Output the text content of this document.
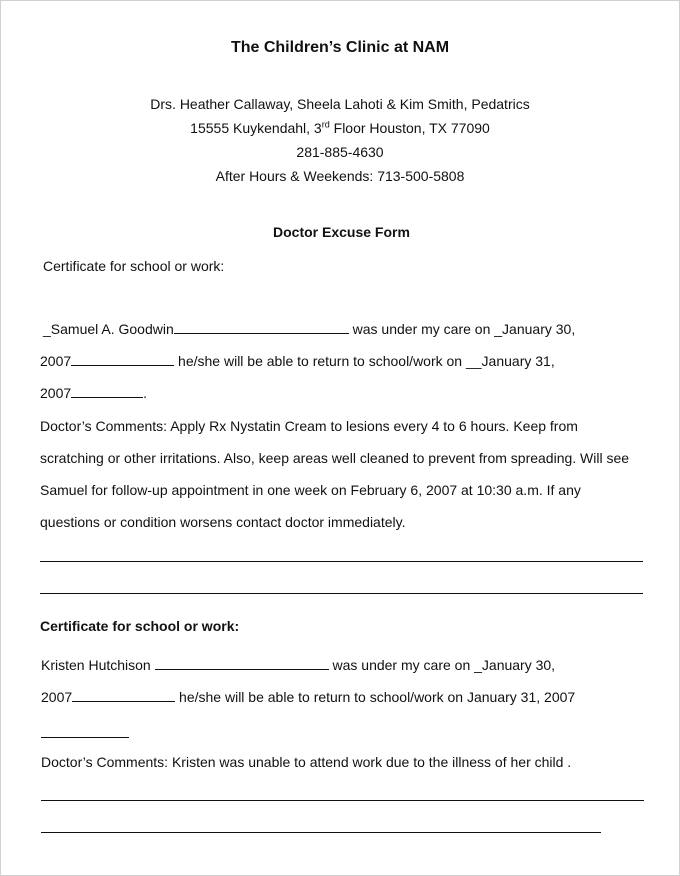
The Children’s Clinic at NAM
Drs. Heather Callaway, Sheela Lahoti & Kim Smith, Pedatrics
15555 Kuykendahl, 3rd Floor Houston, TX 77090
281-885-4630
After Hours & Weekends: 713-500-5808
Doctor Excuse Form
Certificate for school or work:
_Samuel A. Goodwin	was under my care on _January 30,
2007	he/she will be able to return to school/work on __January 31,
2007	.
Doctor’s Comments: Apply Rx Nystatin Cream to lesions every 4 to 6 hours. Keep from
scratching or other irritations. Also, keep areas well cleaned to prevent from spreading. Will see
Samuel for follow-up appointment in one week on February 6, 2007 at 10:30 a.m. If any
questions or condition worsens contact doctor immediately.
Certificate for school or work:
Kristen Hutchison	was under my care on _January 30,
2007	he/she will be able to return to school/work on January 31, 2007
Doctor’s Comments: Kristen was unable to attend work due to the illness of her child .
